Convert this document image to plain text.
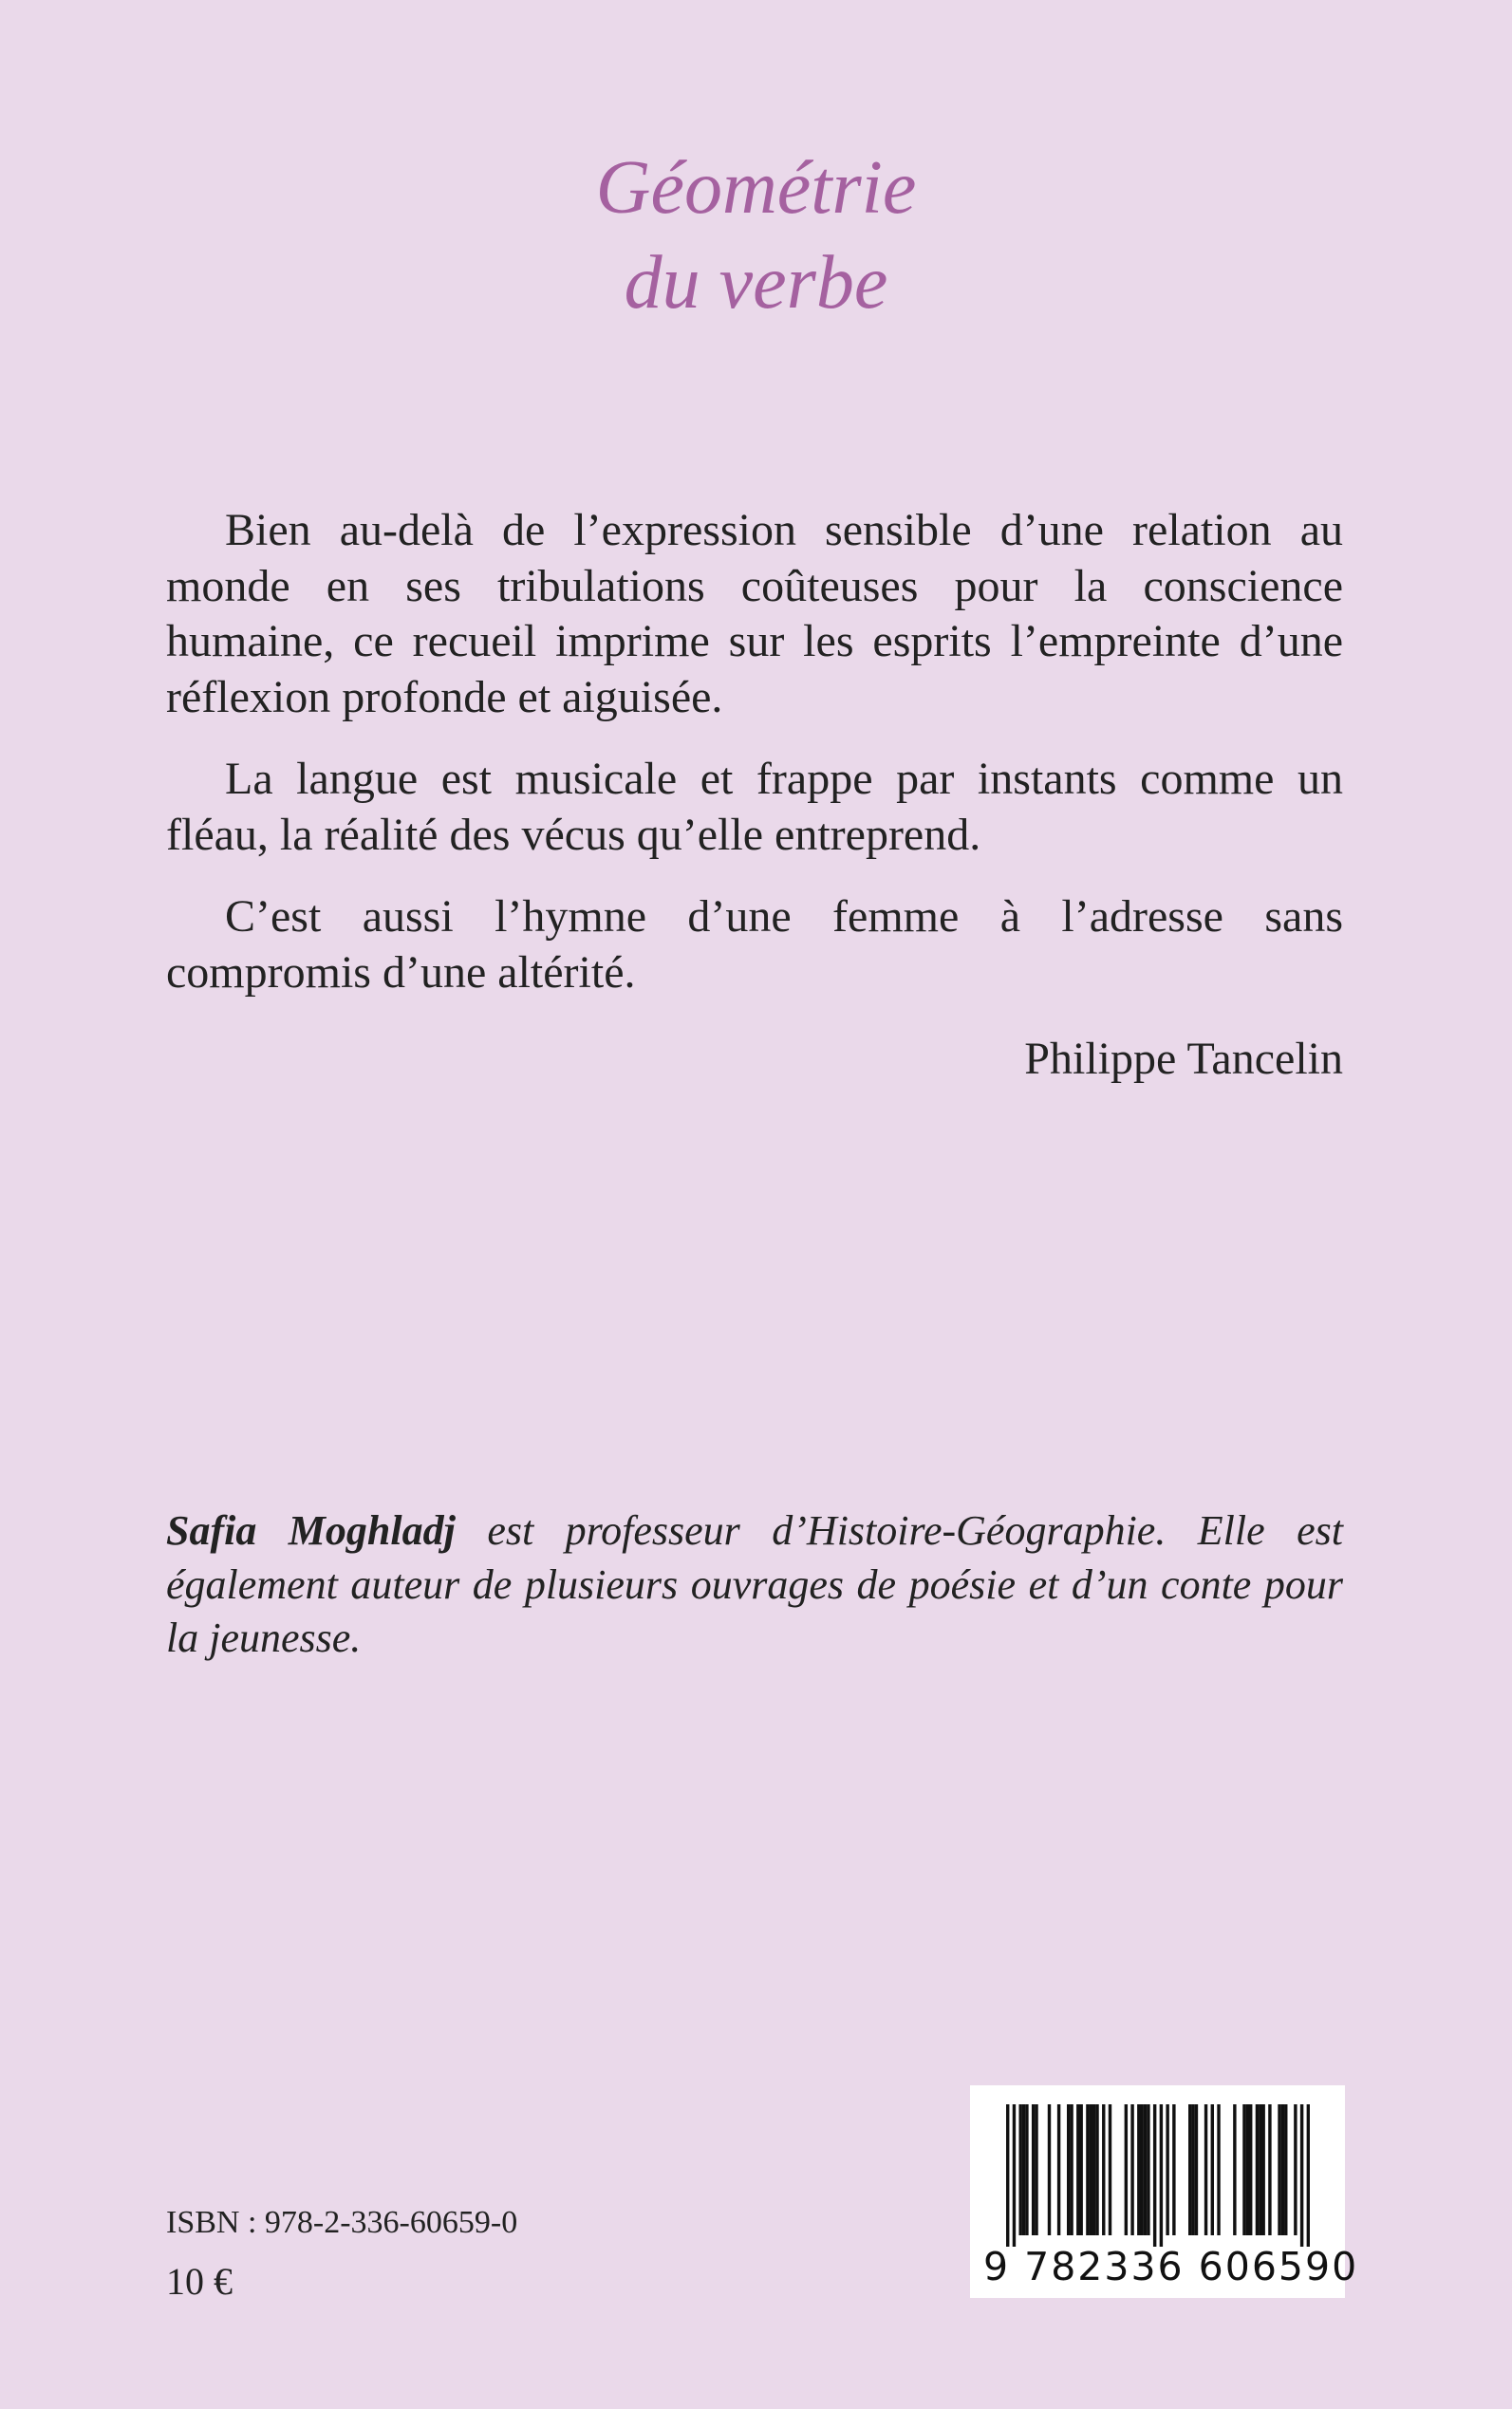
Géométrie
du verbe

Bien au-delà de l’expression sensible d’une relation au monde en ses tribulations coûteuses pour la conscience humaine, ce recueil imprime sur les esprits l’empreinte d’une réflexion profonde et aiguisée.

La langue est musicale et frappe par instants comme un fléau, la réalité des vécus qu’elle entreprend.

C’est aussi l’hymne d’une femme à l’adresse sans compromis d’une altérité.

Philippe Tancelin
Safia Moghladj est professeur d’Histoire-Géographie. Elle est également auteur de plusieurs ouvrages de poésie et d’un conte pour la jeunesse.
ISBN : 978-2-336-60659-0
10 €	9 782336 606590
